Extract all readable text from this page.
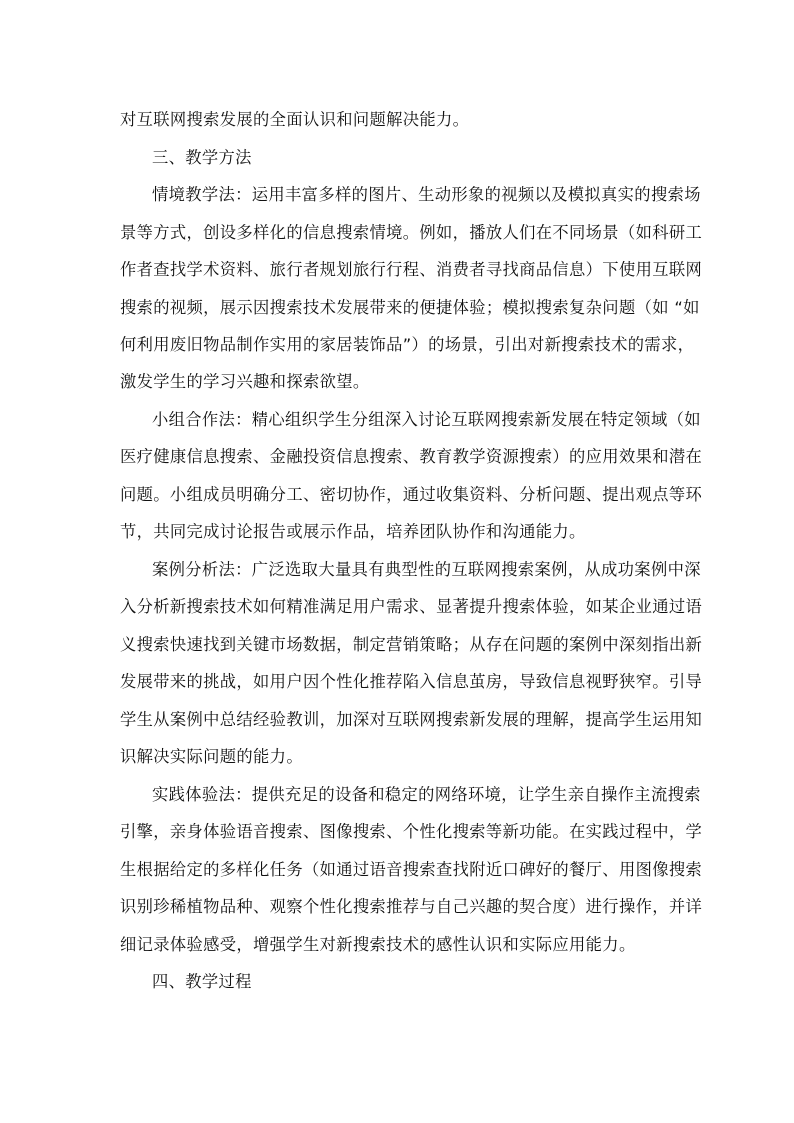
对互联网搜索发展的全面认识和问题解决能力。
三、教学方法
情境教学法：运用丰富多样的图片、生动形象的视频以及模拟真实的搜索场
景等方式，创设多样化的信息搜索情境。例如，播放人们在不同场景（如科研工
作者查找学术资料、旅行者规划旅行行程、消费者寻找商品信息）下使用互联网
搜索的视频，展示因搜索技术发展带来的便捷体验；模拟搜索复杂问题（如 “如
何利用废旧物品制作实用的家居装饰品”）的场景，引出对新搜索技术的需求，
激发学生的学习兴趣和探索欲望。
小组合作法：精心组织学生分组深入讨论互联网搜索新发展在特定领域（如
医疗健康信息搜索、金融投资信息搜索、教育教学资源搜索）的应用效果和潜在
问题。小组成员明确分工、密切协作，通过收集资料、分析问题、提出观点等环
节，共同完成讨论报告或展示作品，培养团队协作和沟通能力。
案例分析法：广泛选取大量具有典型性的互联网搜索案例，从成功案例中深
入分析新搜索技术如何精准满足用户需求、显著提升搜索体验，如某企业通过语
义搜索快速找到关键市场数据，制定营销策略；从存在问题的案例中深刻指出新
发展带来的挑战，如用户因个性化推荐陷入信息茧房，导致信息视野狭窄。引导
学生从案例中总结经验教训，加深对互联网搜索新发展的理解，提高学生运用知
识解决实际问题的能力。
实践体验法：提供充足的设备和稳定的网络环境，让学生亲自操作主流搜索
引擎，亲身体验语音搜索、图像搜索、个性化搜索等新功能。在实践过程中，学
生根据给定的多样化任务（如通过语音搜索查找附近口碑好的餐厅、用图像搜索
识别珍稀植物品种、观察个性化搜索推荐与自己兴趣的契合度）进行操作，并详
细记录体验感受，增强学生对新搜索技术的感性认识和实际应用能力。
四、教学过程
